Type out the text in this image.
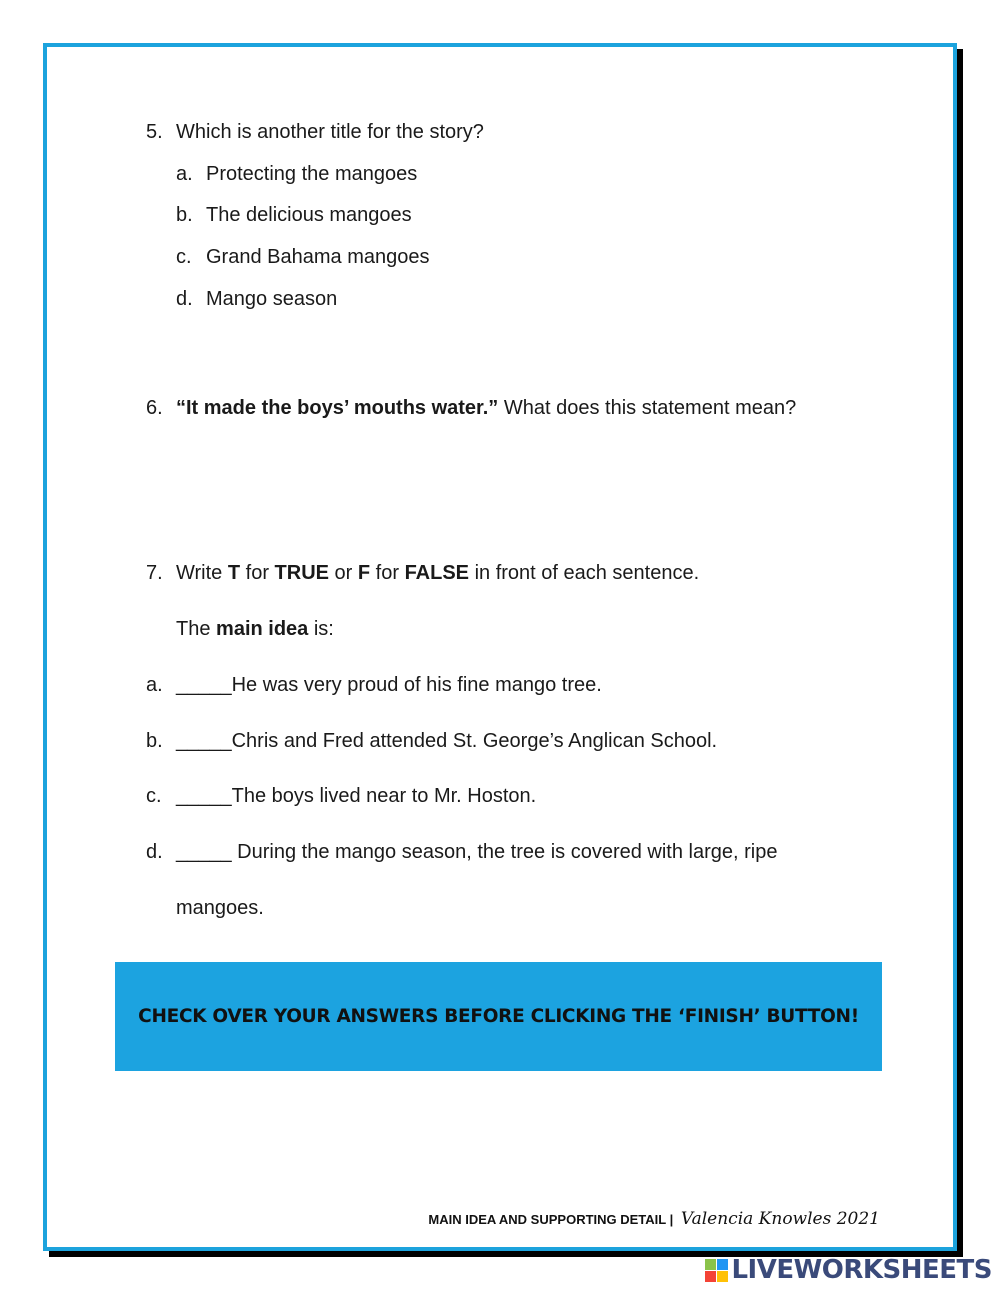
5. Which is another title for the story?
a. Protecting the mangoes
b. The delicious mangoes
c. Grand Bahama mangoes
d. Mango season
6. “It made the boys’ mouths water.” What does this statement mean?
7. Write T for TRUE or F for FALSE in front of each sentence.
The main idea is:
a. _____He was very proud of his fine mango tree.
b. _____Chris and Fred attended St. George’s Anglican School.
c. _____The boys lived near to Mr. Hoston.
d. _____ During the mango season, the tree is covered with large, ripe
mangoes.
CHECK OVER YOUR ANSWERS BEFORE CLICKING THE ‘FINISH’ BUTTON!
MAIN IDEA AND SUPPORTING DETAIL | Valencia Knowles 2021
LIVEWORKSHEETS
